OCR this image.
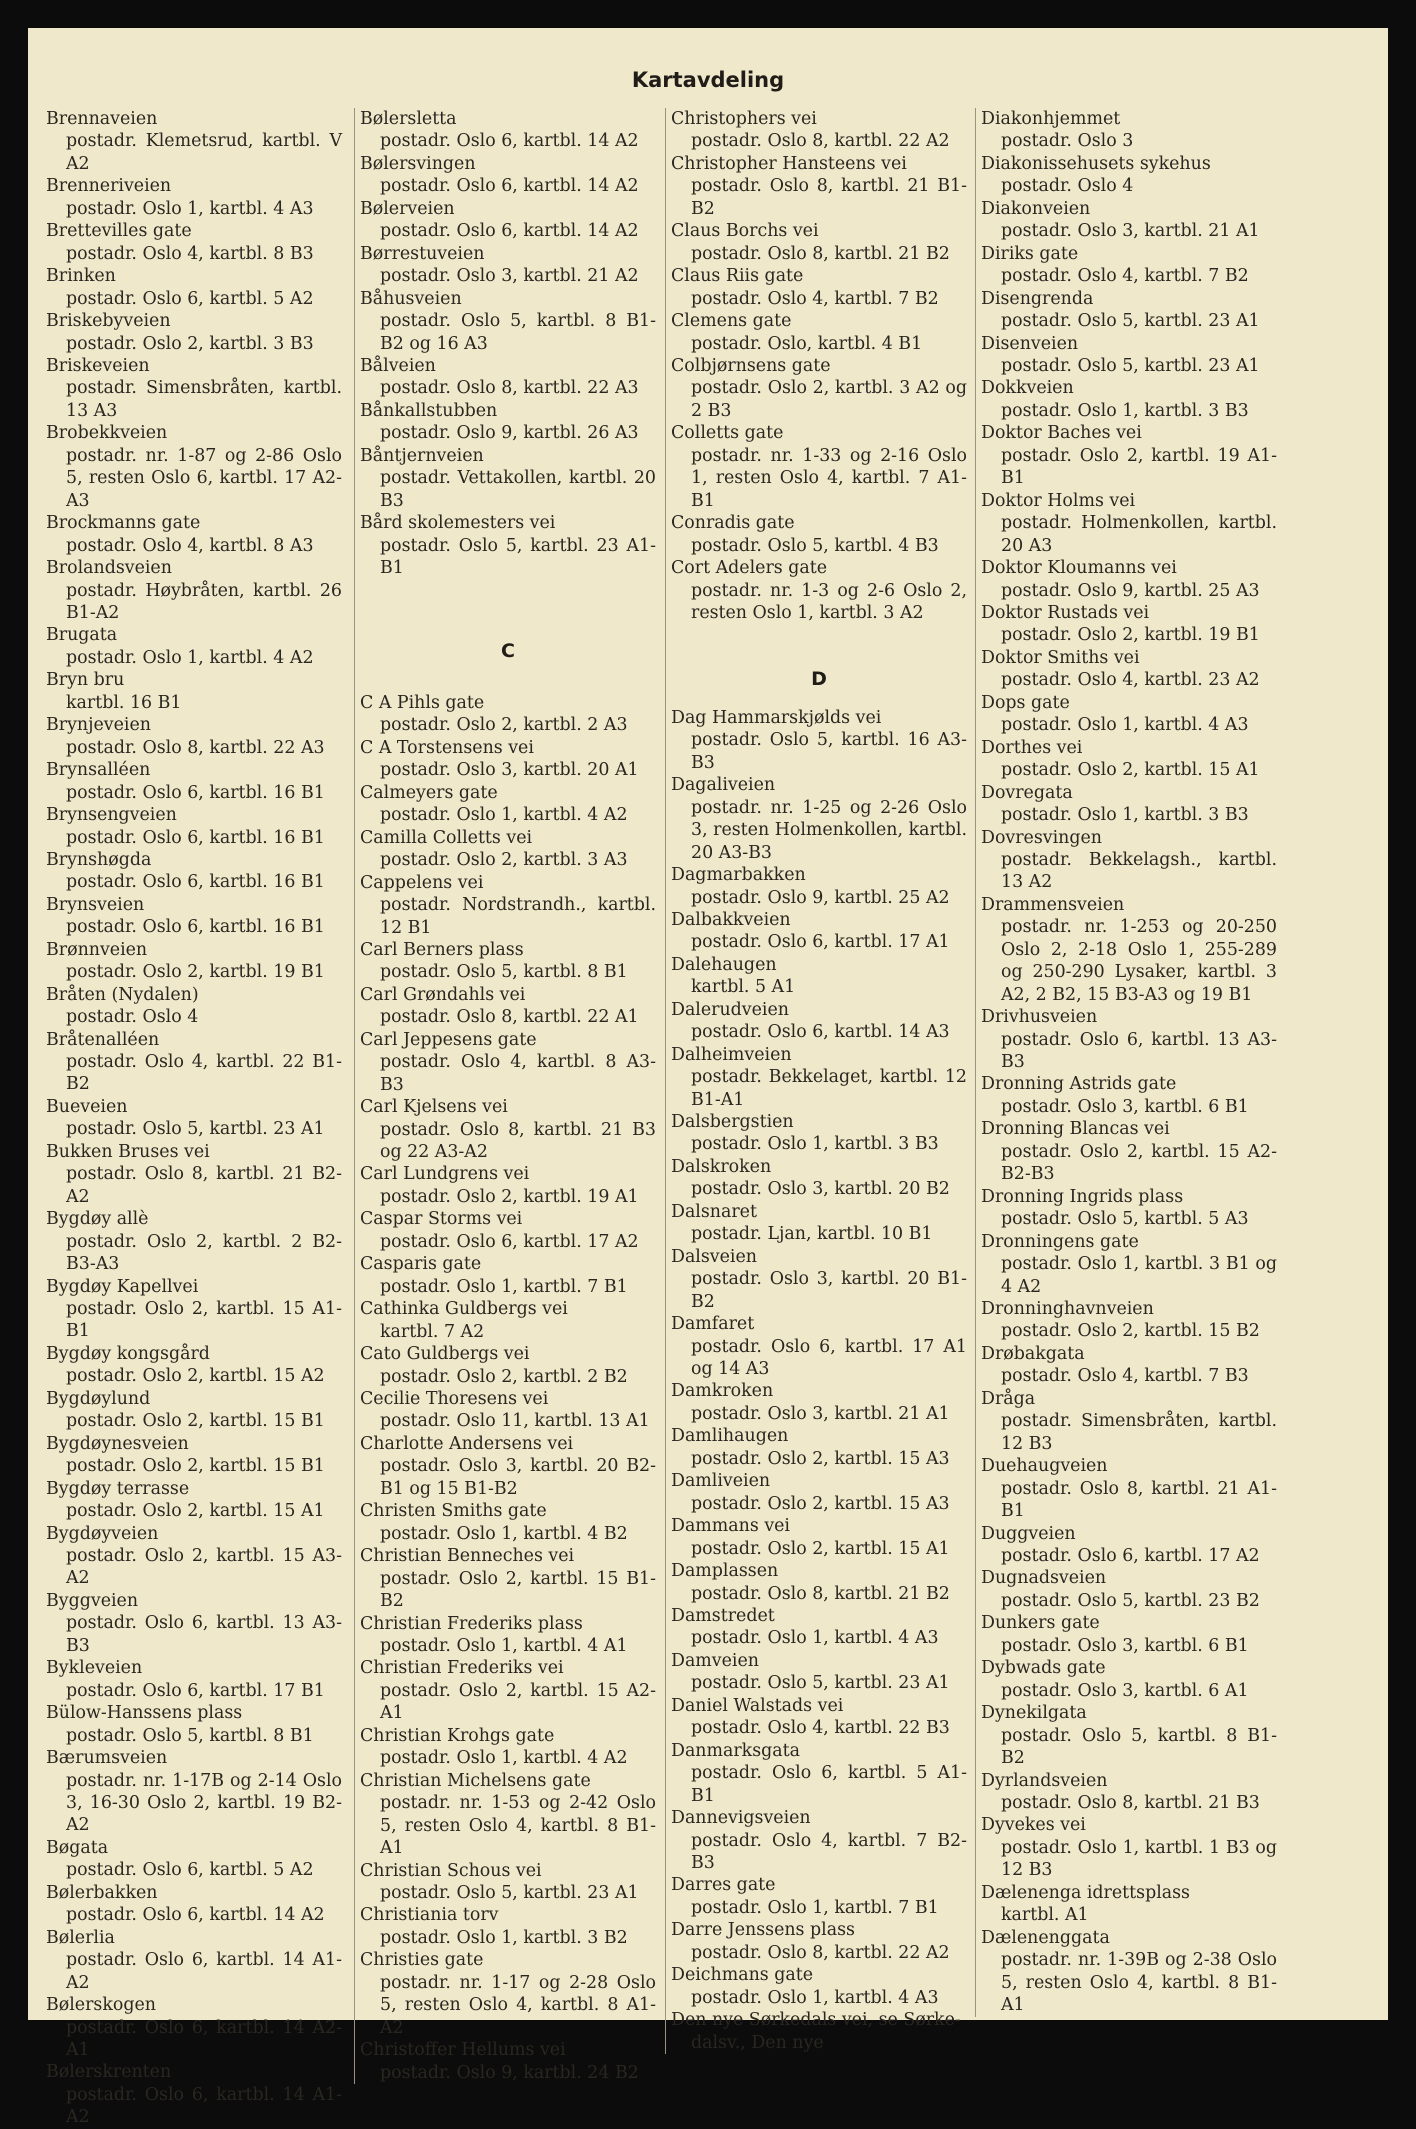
Kartavdeling
Brennaveien
postadr. Klemetsrud, kartbl. V A2
Brenneriveien
postadr. Oslo 1, kartbl. 4 A3
Brettevilles gate
postadr. Oslo 4, kartbl. 8 B3
Brinken
postadr. Oslo 6, kartbl. 5 A2
Briskebyveien
postadr. Oslo 2, kartbl. 3 B3
Briskeveien
postadr. Simensbråten, kartbl. 13 A3
Brobekkveien
postadr. nr. 1-87 og 2-86 Oslo 5, resten Oslo 6, kartbl. 17 A2-A3
Brockmanns gate
postadr. Oslo 4, kartbl. 8 A3
Brolandsveien
postadr. Høybråten, kartbl. 26 B1-A2
Brugata
postadr. Oslo 1, kartbl. 4 A2
Bryn bru
kartbl. 16 B1
Brynjeveien
postadr. Oslo 8, kartbl. 22 A3
Brynsalléen
postadr. Oslo 6, kartbl. 16 B1
Brynsengveien
postadr. Oslo 6, kartbl. 16 B1
Brynshøgda
postadr. Oslo 6, kartbl. 16 B1
Brynsveien
postadr. Oslo 6, kartbl. 16 B1
Brønnveien
postadr. Oslo 2, kartbl. 19 B1
Bråten (Nydalen)
postadr. Oslo 4
Bråtenalléen
postadr. Oslo 4, kartbl. 22 B1-B2
Bueveien
postadr. Oslo 5, kartbl. 23 A1
Bukken Bruses vei
postadr. Oslo 8, kartbl. 21 B2-A2
Bygdøy allè
postadr. Oslo 2, kartbl. 2 B2-B3-A3
Bygdøy Kapellvei
postadr. Oslo 2, kartbl. 15 A1-B1
Bygdøy kongsgård
postadr. Oslo 2, kartbl. 15 A2
Bygdøylund
postadr. Oslo 2, kartbl. 15 B1
Bygdøynesveien
postadr. Oslo 2, kartbl. 15 B1
Bygdøy terrasse
postadr. Oslo 2, kartbl. 15 A1
Bygdøyveien
postadr. Oslo 2, kartbl. 15 A3-A2
Byggveien
postadr. Oslo 6, kartbl. 13 A3-B3
Bykleveien
postadr. Oslo 6, kartbl. 17 B1
Bülow-Hanssens plass
postadr. Oslo 5, kartbl. 8 B1
Bærumsveien
postadr. nr. 1-17B og 2-14 Oslo 3, 16-30 Oslo 2, kartbl. 19 B2-A2
Bøgata
postadr. Oslo 6, kartbl. 5 A2
Bølerbakken
postadr. Oslo 6, kartbl. 14 A2
Bølerlia
postadr. Oslo 6, kartbl. 14 A1-A2
Bølerskogen
postadr. Oslo 6, kartbl. 14 A2-A1
Bølerskrenten
postadr. Oslo 6, kartbl. 14 A1-A2
Bølersletta
postadr. Oslo 6, kartbl. 14 A2
Bølersvingen
postadr. Oslo 6, kartbl. 14 A2
Bølerveien
postadr. Oslo 6, kartbl. 14 A2
Børrestuveien
postadr. Oslo 3, kartbl. 21 A2
Båhusveien
postadr. Oslo 5, kartbl. 8 B1-B2 og 16 A3
Bålveien
postadr. Oslo 8, kartbl. 22 A3
Bånkallstubben
postadr. Oslo 9, kartbl. 26 A3
Båntjernveien
postadr. Vettakollen, kartbl. 20 B3
Bård skolemesters vei
postadr. Oslo 5, kartbl. 23 A1-B1
C
C A Pihls gate
postadr. Oslo 2, kartbl. 2 A3
C A Torstensens vei
postadr. Oslo 3, kartbl. 20 A1
Calmeyers gate
postadr. Oslo 1, kartbl. 4 A2
Camilla Colletts vei
postadr. Oslo 2, kartbl. 3 A3
Cappelens vei
postadr. Nordstrandh., kartbl. 12 B1
Carl Berners plass
postadr. Oslo 5, kartbl. 8 B1
Carl Grøndahls vei
postadr. Oslo 8, kartbl. 22 A1
Carl Jeppesens gate
postadr. Oslo 4, kartbl. 8 A3-B3
Carl Kjelsens vei
postadr. Oslo 8, kartbl. 21 B3 og 22 A3-A2
Carl Lundgrens vei
postadr. Oslo 2, kartbl. 19 A1
Caspar Storms vei
postadr. Oslo 6, kartbl. 17 A2
Casparis gate
postadr. Oslo 1, kartbl. 7 B1
Cathinka Guldbergs vei
kartbl. 7 A2
Cato Guldbergs vei
postadr. Oslo 2, kartbl. 2 B2
Cecilie Thoresens vei
postadr. Oslo 11, kartbl. 13 A1
Charlotte Andersens vei
postadr. Oslo 3, kartbl. 20 B2-B1 og 15 B1-B2
Christen Smiths gate
postadr. Oslo 1, kartbl. 4 B2
Christian Benneches vei
postadr. Oslo 2, kartbl. 15 B1-B2
Christian Frederiks plass
postadr. Oslo 1, kartbl. 4 A1
Christian Frederiks vei
postadr. Oslo 2, kartbl. 15 A2-A1
Christian Krohgs gate
postadr. Oslo 1, kartbl. 4 A2
Christian Michelsens gate
postadr. nr. 1-53 og 2-42 Oslo 5, resten Oslo 4, kartbl. 8 B1-A1
Christian Schous vei
postadr. Oslo 5, kartbl. 23 A1
Christiania torv
postadr. Oslo 1, kartbl. 3 B2
Christies gate
postadr. nr. 1-17 og 2-28 Oslo 5, resten Oslo 4, kartbl. 8 A1-A2
Christoffer Hellums vei
postadr. Oslo 9, kartbl. 24 B2
Christophers vei
postadr. Oslo 8, kartbl. 22 A2
Christopher Hansteens vei
postadr. Oslo 8, kartbl. 21 B1-B2
Claus Borchs vei
postadr. Oslo 8, kartbl. 21 B2
Claus Riis gate
postadr. Oslo 4, kartbl. 7 B2
Clemens gate
postadr. Oslo, kartbl. 4 B1
Colbjørnsens gate
postadr. Oslo 2, kartbl. 3 A2 og 2 B3
Colletts gate
postadr. nr. 1-33 og 2-16 Oslo 1, resten Oslo 4, kartbl. 7 A1-B1
Conradis gate
postadr. Oslo 5, kartbl. 4 B3
Cort Adelers gate
postadr. nr. 1-3 og 2-6 Oslo 2, resten Oslo 1, kartbl. 3 A2
D
Dag Hammarskjølds vei
postadr. Oslo 5, kartbl. 16 A3-B3
Dagaliveien
postadr. nr. 1-25 og 2-26 Oslo 3, resten Holmenkollen, kartbl. 20 A3-B3
Dagmarbakken
postadr. Oslo 9, kartbl. 25 A2
Dalbakkveien
postadr. Oslo 6, kartbl. 17 A1
Dalehaugen
kartbl. 5 A1
Dalerudveien
postadr. Oslo 6, kartbl. 14 A3
Dalheimveien
postadr. Bekkelaget, kartbl. 12 B1-A1
Dalsbergstien
postadr. Oslo 1, kartbl. 3 B3
Dalskroken
postadr. Oslo 3, kartbl. 20 B2
Dalsnaret
postadr. Ljan, kartbl. 10 B1
Dalsveien
postadr. Oslo 3, kartbl. 20 B1-B2
Damfaret
postadr. Oslo 6, kartbl. 17 A1 og 14 A3
Damkroken
postadr. Oslo 3, kartbl. 21 A1
Damlihaugen
postadr. Oslo 2, kartbl. 15 A3
Damliveien
postadr. Oslo 2, kartbl. 15 A3
Dammans vei
postadr. Oslo 2, kartbl. 15 A1
Damplassen
postadr. Oslo 8, kartbl. 21 B2
Damstredet
postadr. Oslo 1, kartbl. 4 A3
Damveien
postadr. Oslo 5, kartbl. 23 A1
Daniel Walstads vei
postadr. Oslo 4, kartbl. 22 B3
Danmarksgata
postadr. Oslo 6, kartbl. 5 A1-B1
Dannevigsveien
postadr. Oslo 4, kartbl. 7 B2-B3
Darres gate
postadr. Oslo 1, kartbl. 7 B1
Darre Jenssens plass
postadr. Oslo 8, kartbl. 22 A2
Deichmans gate
postadr. Oslo 1, kartbl. 4 A3
Den nye Sørkedals vei, se Sørke-
dalsv., Den nye
Diakonhjemmet
postadr. Oslo 3
Diakonissehusets sykehus
postadr. Oslo 4
Diakonveien
postadr. Oslo 3, kartbl. 21 A1
Diriks gate
postadr. Oslo 4, kartbl. 7 B2
Disengrenda
postadr. Oslo 5, kartbl. 23 A1
Disenveien
postadr. Oslo 5, kartbl. 23 A1
Dokkveien
postadr. Oslo 1, kartbl. 3 B3
Doktor Baches vei
postadr. Oslo 2, kartbl. 19 A1-B1
Doktor Holms vei
postadr. Holmenkollen, kartbl. 20 A3
Doktor Kloumanns vei
postadr. Oslo 9, kartbl. 25 A3
Doktor Rustads vei
postadr. Oslo 2, kartbl. 19 B1
Doktor Smiths vei
postadr. Oslo 4, kartbl. 23 A2
Dops gate
postadr. Oslo 1, kartbl. 4 A3
Dorthes vei
postadr. Oslo 2, kartbl. 15 A1
Dovregata
postadr. Oslo 1, kartbl. 3 B3
Dovresvingen
postadr. Bekkelagsh., kartbl. 13 A2
Drammensveien
postadr. nr. 1-253 og 20-250 Oslo 2, 2-18 Oslo 1, 255-289 og 250-290 Lysaker, kartbl. 3 A2, 2 B2, 15 B3-A3 og 19 B1
Drivhusveien
postadr. Oslo 6, kartbl. 13 A3-B3
Dronning Astrids gate
postadr. Oslo 3, kartbl. 6 B1
Dronning Blancas vei
postadr. Oslo 2, kartbl. 15 A2-B2-B3
Dronning Ingrids plass
postadr. Oslo 5, kartbl. 5 A3
Dronningens gate
postadr. Oslo 1, kartbl. 3 B1 og 4 A2
Dronninghavnveien
postadr. Oslo 2, kartbl. 15 B2
Drøbakgata
postadr. Oslo 4, kartbl. 7 B3
Dråga
postadr. Simensbråten, kartbl. 12 B3
Duehaugveien
postadr. Oslo 8, kartbl. 21 A1-B1
Duggveien
postadr. Oslo 6, kartbl. 17 A2
Dugnadsveien
postadr. Oslo 5, kartbl. 23 B2
Dunkers gate
postadr. Oslo 3, kartbl. 6 B1
Dybwads gate
postadr. Oslo 3, kartbl. 6 A1
Dynekilgata
postadr. Oslo 5, kartbl. 8 B1-B2
Dyrlandsveien
postadr. Oslo 8, kartbl. 21 B3
Dyvekes vei
postadr. Oslo 1, kartbl. 1 B3 og 12 B3
Dælenenga idrettsplass
kartbl. A1
Dælenenggata
postadr. nr. 1-39B og 2-38 Oslo 5, resten Oslo 4, kartbl. 8 B1-A1
